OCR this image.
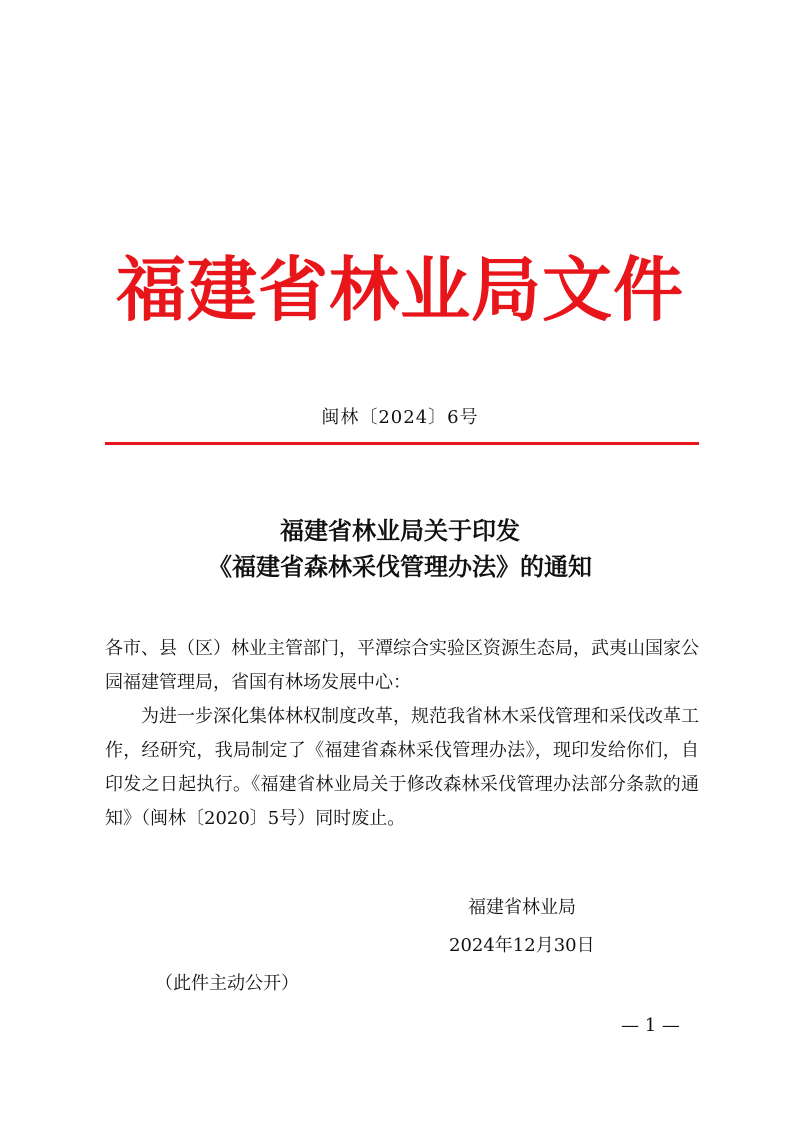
福建省林业局文件
闽林〔2024〕6号
福建省林业局关于印发
《福建省森林采伐管理办法》的通知

各市、县（区）林业主管部门，平潭综合实验区资源生态局，武夷山国家公园福建管理局，省国有林场发展中心：

为进一步深化集体林权制度改革，规范我省林木采伐管理和采伐改革工作，经研究，我局制定了《福建省森林采伐管理办法》，现印发给你们，自印发之日起执行。《福建省林业局关于修改森林采伐管理办法部分条款的通知》（闽林〔2020〕5号）同时废止。

福建省林业局
2024年12月30日
（此件主动公开）
— 1 —
